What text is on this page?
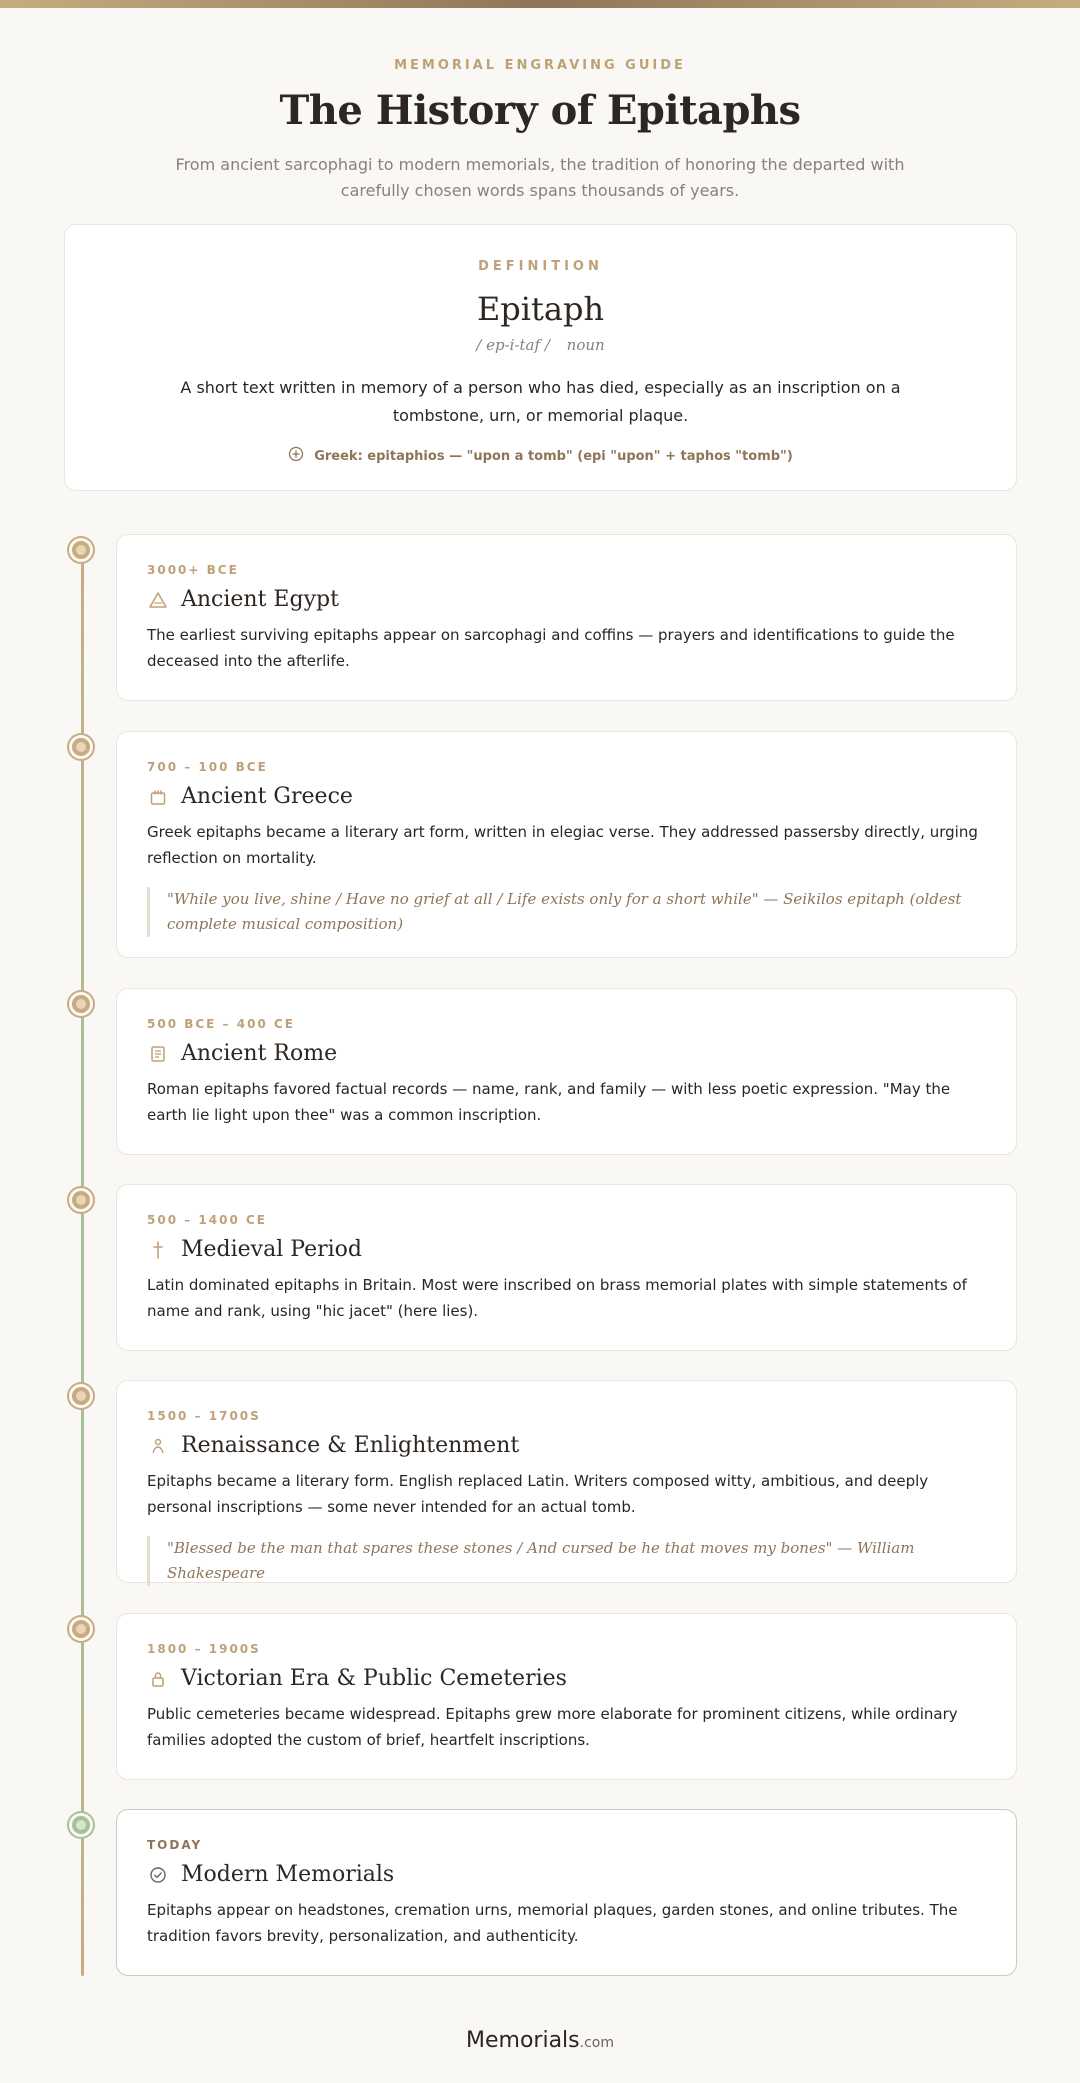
MEMORIAL ENGRAVING GUIDE
The History of Epitaphs

From ancient sarcophagi to modern memorials, the tradition of honoring the departed with carefully chosen words spans thousands of years.

DEFINITION
Epitaph
/ ep-i-taf / noun

A short text written in memory of a person who has died, especially as an inscription on a tombstone, urn, or memorial plaque.

Greek: epitaphios — "upon a tomb" (epi "upon" + taphos "tomb")
3000+ BCE
Ancient Egypt

The earliest surviving epitaphs appear on sarcophagi and coffins — prayers and identifications to guide the deceased into the afterlife.

700 – 100 BCE
Ancient Greece

Greek epitaphs became a literary art form, written in elegiac verse. They addressed passersby directly, urging reflection on mortality.

"While you live, shine / Have no grief at all / Life exists only for a short while" — Seikilos epitaph (oldest complete musical composition)
500 BCE – 400 CE
Ancient Rome

Roman epitaphs favored factual records — name, rank, and family — with less poetic expression. "May the earth lie light upon thee" was a common inscription.

500 – 1400 CE
Medieval Period

Latin dominated epitaphs in Britain. Most were inscribed on brass memorial plates with simple statements of name and rank, using "hic jacet" (here lies).

1500 – 1700S
Renaissance & Enlightenment

Epitaphs became a literary form. English replaced Latin. Writers composed witty, ambitious, and deeply personal inscriptions — some never intended for an actual tomb.

"Blessed be the man that spares these stones / And cursed be he that moves my bones" — William Shakespeare
1800 – 1900S
Victorian Era & Public Cemeteries

Public cemeteries became widespread. Epitaphs grew more elaborate for prominent citizens, while ordinary families adopted the custom of brief, heartfelt inscriptions.

TODAY
Modern Memorials

Epitaphs appear on headstones, cremation urns, memorial plaques, garden stones, and online tributes. The tradition favors brevity, personalization, and authenticity.

Memorials.com
